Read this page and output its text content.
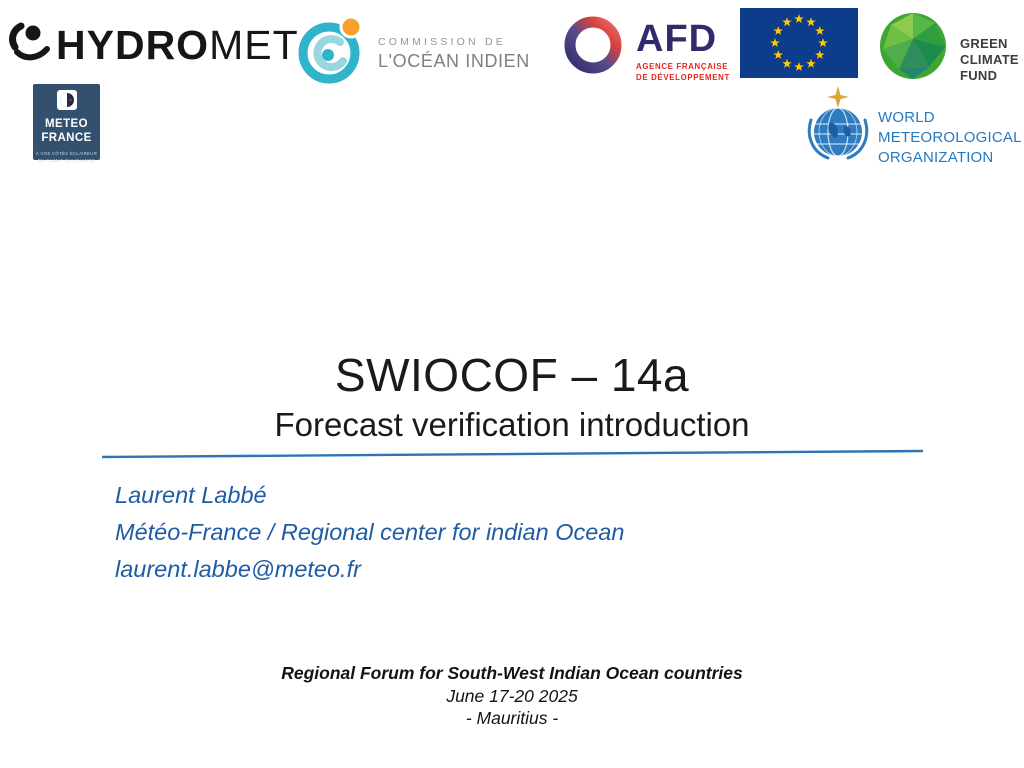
HYDROMET	COMMISSION DE
L'OCÉAN INDIEN
AFD
AGENCE FRANÇAISE
DE DÉVELOPPEMENT
GREEN
CLIMATE
FUND
METEO
FRANCE
À VOS CÔTÉS ÉCLAIREUR
DU CLIMAT QUI CHANGE
WORLD
METEOROLOGICAL
ORGANIZATION
SWIOCOF – 14a
Forecast verification introduction
Laurent Labbé
Météo-France / Regional center for indian Ocean
laurent.labbe@meteo.fr
Regional Forum for South-West Indian Ocean countries
June 17-20 2025
- Mauritius -
